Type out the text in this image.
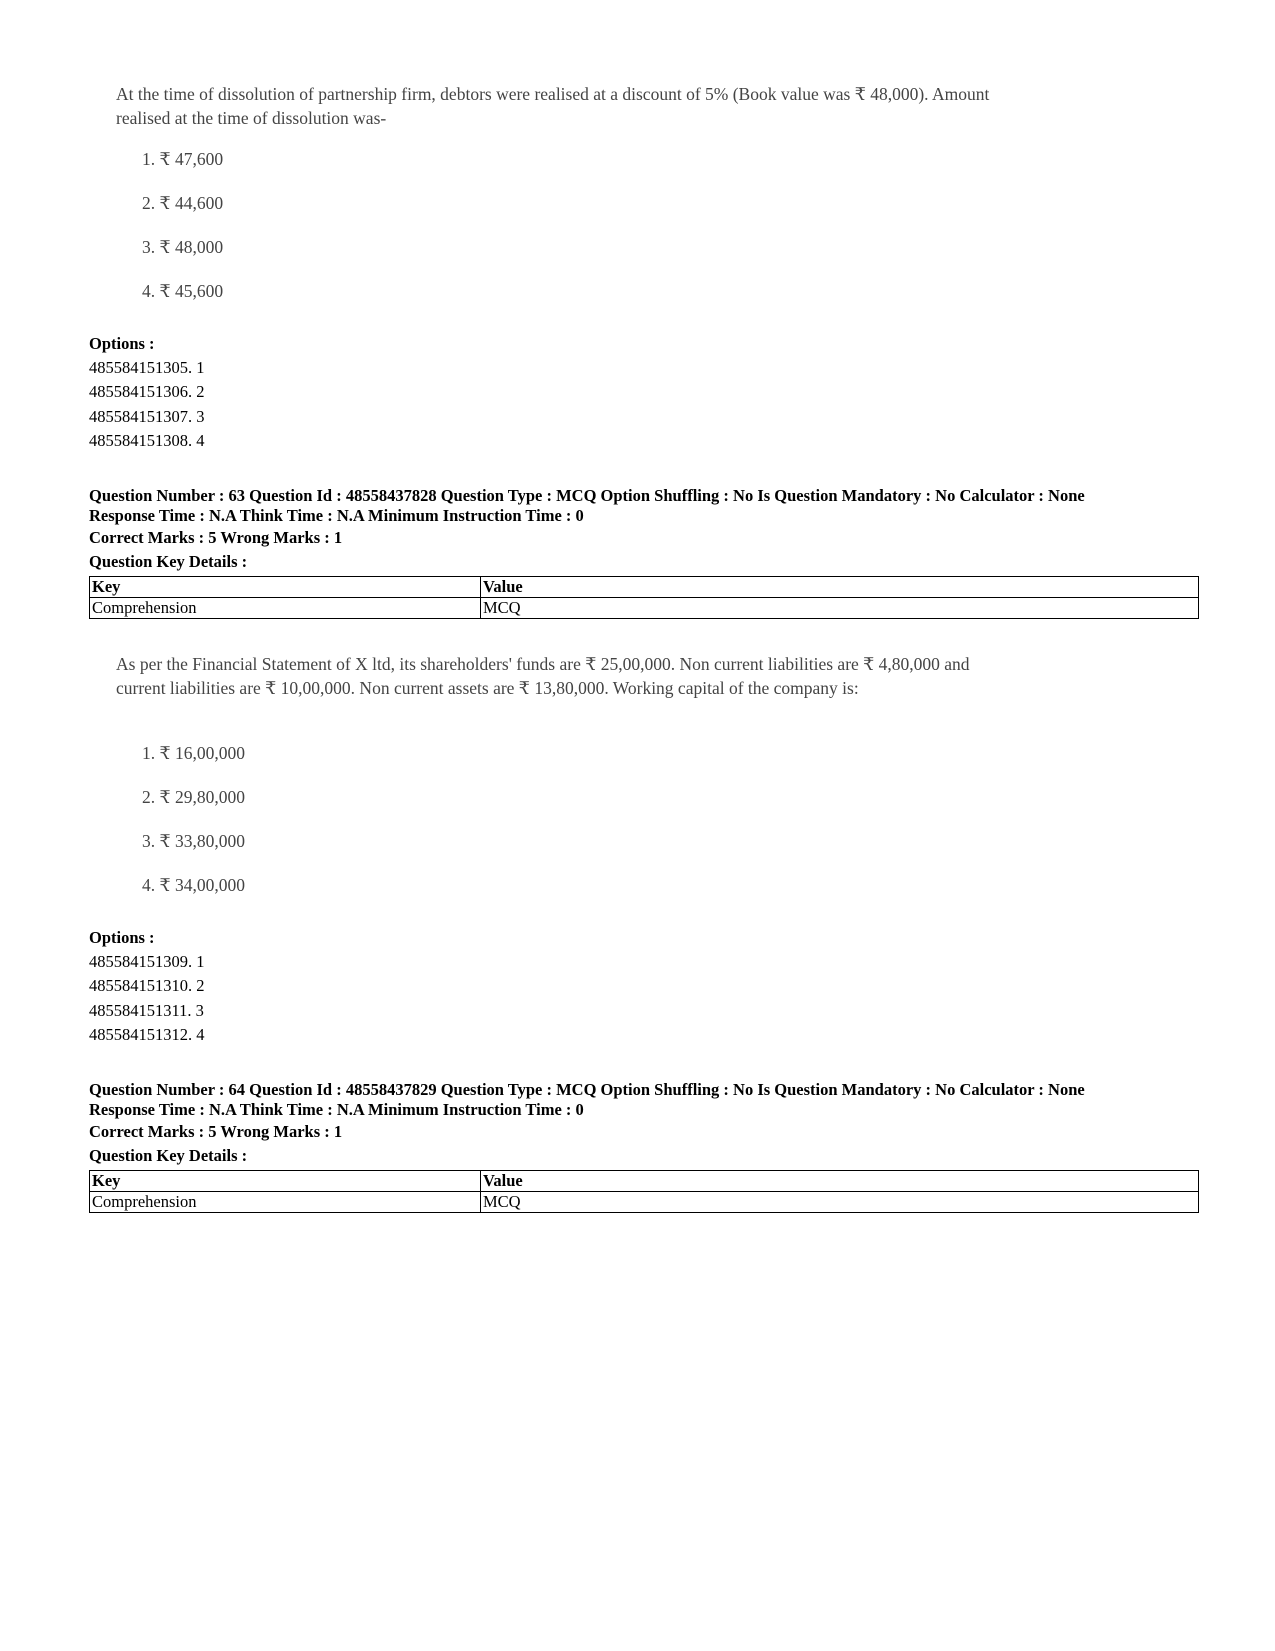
At the time of dissolution of partnership firm, debtors were realised at a discount of 5% (Book value was ₹ 48,000). Amount realised at the time of dissolution was-

1. ₹ 47,600

2. ₹ 44,600

3. ₹ 48,000

4. ₹ 45,600

Options :
485584151305. 1
485584151306. 2
485584151307. 3
485584151308. 4

Question Number : 63 Question Id : 48558437828 Question Type : MCQ Option Shuffling : No Is Question Mandatory : No Calculator : None

Response Time : N.A Think Time : N.A Minimum Instruction Time : 0

Correct Marks : 5 Wrong Marks : 1
Question Key Details :
Key	Value
Comprehension	MCQ

As per the Financial Statement of X ltd, its shareholders' funds are ₹ 25,00,000. Non current liabilities are ₹ 4,80,000 and current liabilities are ₹ 10,00,000. Non current assets are ₹ 13,80,000. Working capital of the company is:

1. ₹ 16,00,000

2. ₹ 29,80,000

3. ₹ 33,80,000

4. ₹ 34,00,000

Options :
485584151309. 1
485584151310. 2
485584151311. 3
485584151312. 4

Question Number : 64 Question Id : 48558437829 Question Type : MCQ Option Shuffling : No Is Question Mandatory : No Calculator : None

Response Time : N.A Think Time : N.A Minimum Instruction Time : 0

Correct Marks : 5 Wrong Marks : 1
Question Key Details :
Key	Value
Comprehension	MCQ
